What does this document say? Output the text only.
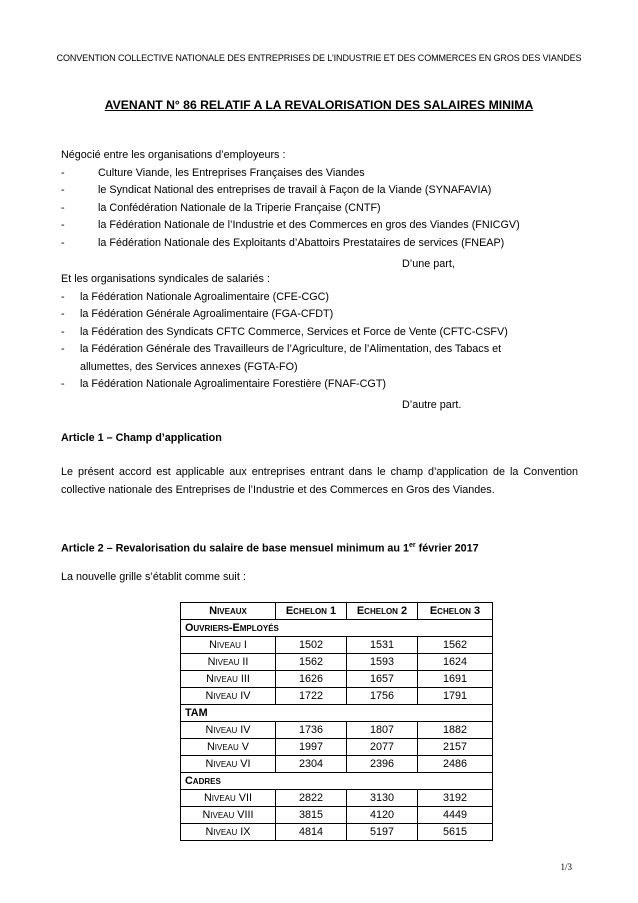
CONVENTION COLLECTIVE NATIONALE DES ENTREPRISES DE L’INDUSTRIE ET DES COMMERCES EN GROS DES VIANDES
AVENANT N° 86 RELATIF A LA REVALORISATION DES SALAIRES MINIMA
Négocié entre les organisations d’employeurs :
-	Culture Viande, les Entreprises Françaises des Viandes
-	le Syndicat National des entreprises de travail à Façon de la Viande (SYNAFAVIA)
-	la Confédération Nationale de la Triperie Française (CNTF)
-	la Fédération Nationale de l’Industrie et des Commerces en gros des Viandes (FNICGV)
-	la Fédération Nationale des Exploitants d’Abattoirs Prestataires de services (FNEAP)
D’une part,
Et les organisations syndicales de salariés :
- la Fédération Nationale Agroalimentaire (CFE-CGC)
- la Fédération Générale Agroalimentaire (FGA-CFDT)
- la Fédération des Syndicats CFTC Commerce, Services et Force de Vente (CFTC-CSFV)
- la Fédération Générale des Travailleurs de l’Agriculture, de l’Alimentation, des Tabacs et
allumettes, des Services annexes (FGTA-FO)
- la Fédération Nationale Agroalimentaire Forestière (FNAF-CGT)
D’autre part.
Article 1 – Champ d’application
Le présent accord est applicable aux entreprises entrant dans le champ d’application de la Convention collective nationale des Entreprises de l’Industrie et des Commerces en Gros des Viandes.
Article 2 – Revalorisation du salaire de base mensuel minimum au 1er février 2017
La nouvelle grille s’établit comme suit :
Niveaux	Echelon 1	Echelon 2	Echelon 3
Ouvriers-Employés			
Niveau I	1502	1531	1562
Niveau II	1562	1593	1624
Niveau III	1626	1657	1691
Niveau IV	1722	1756	1791
TAM			
Niveau IV	1736	1807	1882
Niveau V	1997	2077	2157
Niveau VI	2304	2396	2486
Cadres			
Niveau VII	2822	3130	3192
Niveau VIII	3815	4120	4449
Niveau IX	4814	5197	5615
1/3
